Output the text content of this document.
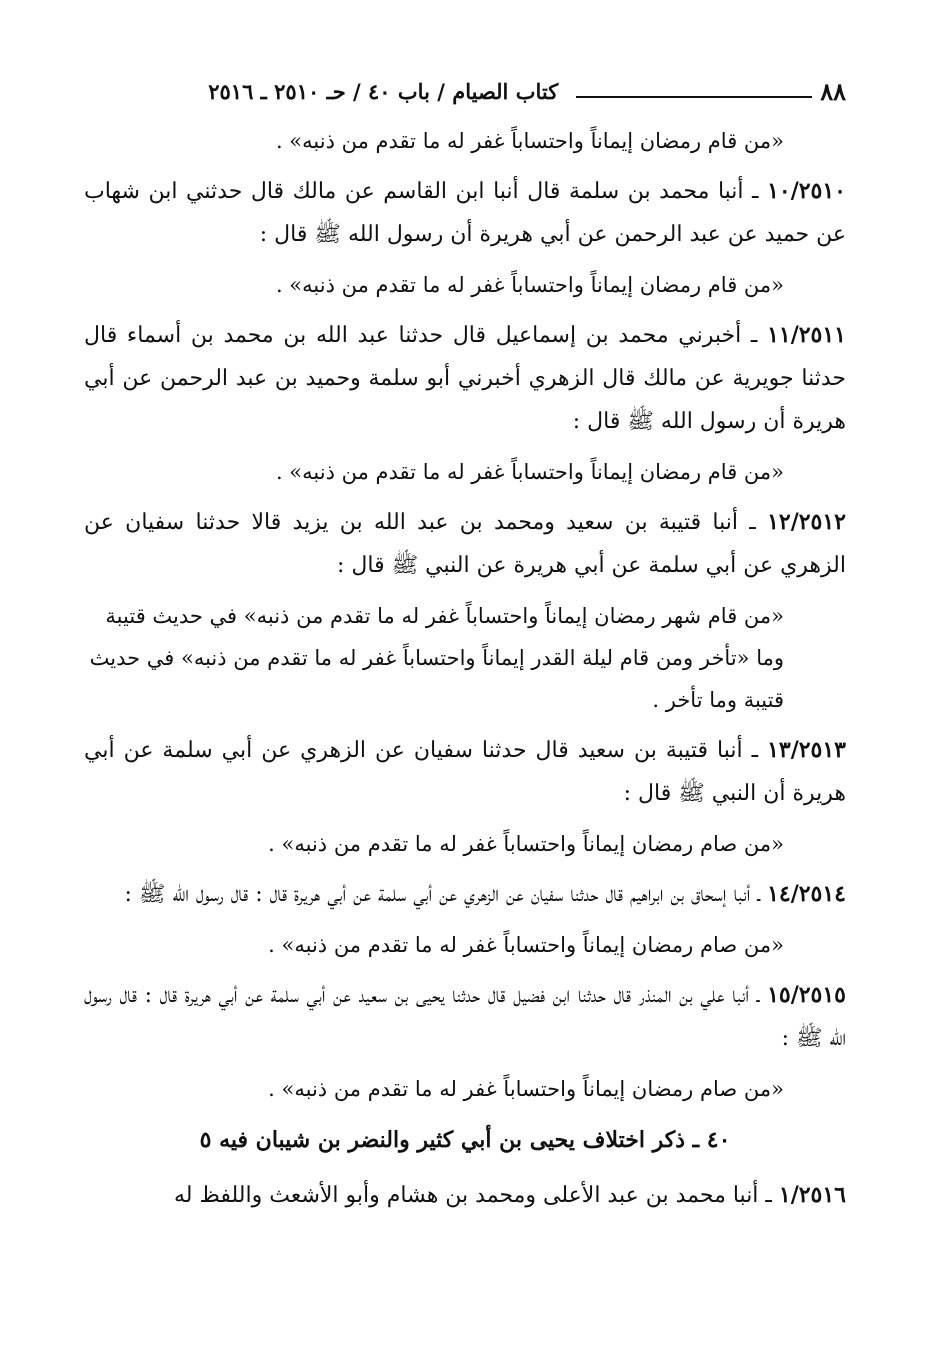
٨٨
كتاب الصيام / باب ٤٠ / حـ ٢٥١٠ ـ ٢٥١٦

«من قام رمضان إيماناً واحتساباً غفر له ما تقدم من ذنبه» .

١٠/٢٥١٠ ـ أنبا محمد بن سلمة قال أنبا ابن القاسم عن مالك قال حدثني ابن شهاب عن حميد عن عبد الرحمن عن أبي هريرة أن رسول الله ﷺ قال :

«من قام رمضان إيماناً واحتساباً غفر له ما تقدم من ذنبه» .

١١/٢٥١١ ـ أخبرني محمد بن إسماعيل قال حدثنا عبد الله بن محمد بن أسماء قال حدثنا جويرية عن مالك قال الزهري أخبرني أبو سلمة وحميد بن عبد الرحمن عن أبي هريرة أن رسول الله ﷺ قال :

«من قام رمضان إيماناً واحتساباً غفر له ما تقدم من ذنبه» .

١٢/٢٥١٢ ـ أنبا قتيبة بن سعيد ومحمد بن عبد الله بن يزيد قالا حدثنا سفيان عن الزهري عن أبي سلمة عن أبي هريرة عن النبي ﷺ قال :

«من قام شهر رمضان إيماناً واحتساباً غفر له ما تقدم من ذنبه» في حديث قتيبة وما «تأخر ومن قام ليلة القدر إيماناً واحتساباً غفر له ما تقدم من ذنبه» في حديث قتيبة وما تأخر .

١٣/٢٥١٣ ـ أنبا قتيبة بن سعيد قال حدثنا سفيان عن الزهري عن أبي سلمة عن أبي هريرة أن النبي ﷺ قال :

«من صام رمضان إيماناً واحتساباً غفر له ما تقدم من ذنبه» .

١٤/٢٥١٤ ـ أنبا إسحاق بن ابراهيم قال حدثنا سفيان عن الزهري عن أبي سلمة عن أبي هريرة قال : قال رسول الله ﷺ :

«من صام رمضان إيماناً واحتساباً غفر له ما تقدم من ذنبه» .

١٥/٢٥١٥ ـ أنبا علي بن المنذر قال حدثنا ابن فضيل قال حدثنا يحيى بن سعيد عن أبي سلمة عن أبي هريرة قال : قال رسول الله ﷺ :

«من صام رمضان إيماناً واحتساباً غفر له ما تقدم من ذنبه» .

٤٠ ـ ذكر اختلاف يحيى بن أبي كثير والنضر بن شيبان فيه ٥

١/٢٥١٦ ـ أنبا محمد بن عبد الأعلى ومحمد بن هشام وأبو الأشعث واللفظ له
